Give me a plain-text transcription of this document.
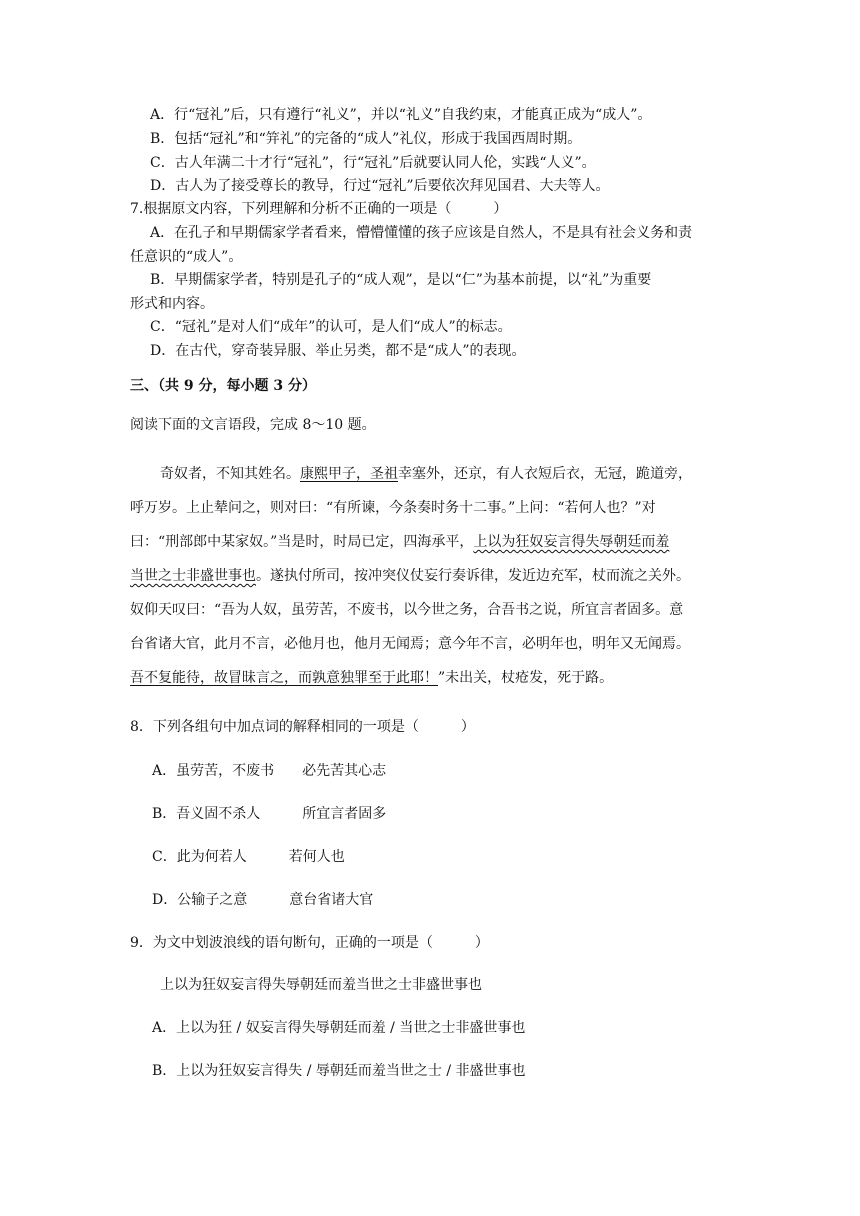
A．行“冠礼”后，只有遵行“礼义”，并以“礼义”自我约束，才能真正成为“成人”。
B．包括“冠礼”和“笄礼”的完备的“成人”礼仪，形成于我国西周时期。
C．古人年满二十才行“冠礼”，行“冠礼”后就要认同人伦，实践“人义”。
D．古人为了接受尊长的教导，行过“冠礼”后要依次拜见国君、大夫等人。
7.根据原文内容，下列理解和分析不正确的一项是（　　　）
A．在孔子和早期儒家学者看来，懵懵懂懂的孩子应该是自然人，不是具有社会义务和责
任意识的“成人”。
B．早期儒家学者，特别是孔子的“成人观”，是以“仁”为基本前提，以“礼”为重要
形式和内容。
C．“冠礼”是对人们“成年”的认可，是人们“成人”的标志。
D．在古代，穿奇装异服、举止另类，都不是“成人”的表现。
三、（共 9 分，每小题 3 分）
阅读下面的文言语段，完成 8～10 题。
奇奴者，不知其姓名。康熙甲子，圣祖幸塞外，还京，有人衣短后衣，无冠，跪道旁，
呼万岁。上止辇问之，则对曰：“有所谏，今条奏时务十二事。”上问：“若何人也？”对
曰：“刑部郎中某家奴。”当是时，时局已定，四海承平，上以为狂奴妄言得失辱朝廷而羞
当世之士非盛世事也。遂执付所司，按冲突仪仗妄行奏诉律，发近边充军，杖而流之关外。
奴仰天叹曰：“吾为人奴，虽劳苦，不废书，以今世之务，合吾书之说，所宜言者固多。意
台省诸大官，此月不言，必他月也，他月无闻焉；意今年不言，必明年也，明年又无闻焉。
吾不复能待，故冒昧言之，而孰意独罪至于此耶！”未出关，杖疮发，死于路。
8．下列各组句中加点词的解释相同的一项是（　　　）
A．虽劳苦，不废书　　必先苦其心志
B．吾义固不杀人　　　所宜言者固多
C．此为何若人　　　若何人也
D．公输子之意　　　意台省诸大官
9．为文中划波浪线的语句断句，正确的一项是（　　　）
上以为狂奴妄言得失辱朝廷而羞当世之士非盛世事也
A．上以为狂 / 奴妄言得失辱朝廷而羞 / 当世之士非盛世事也
B．上以为狂奴妄言得失 / 辱朝廷而羞当世之士 / 非盛世事也
